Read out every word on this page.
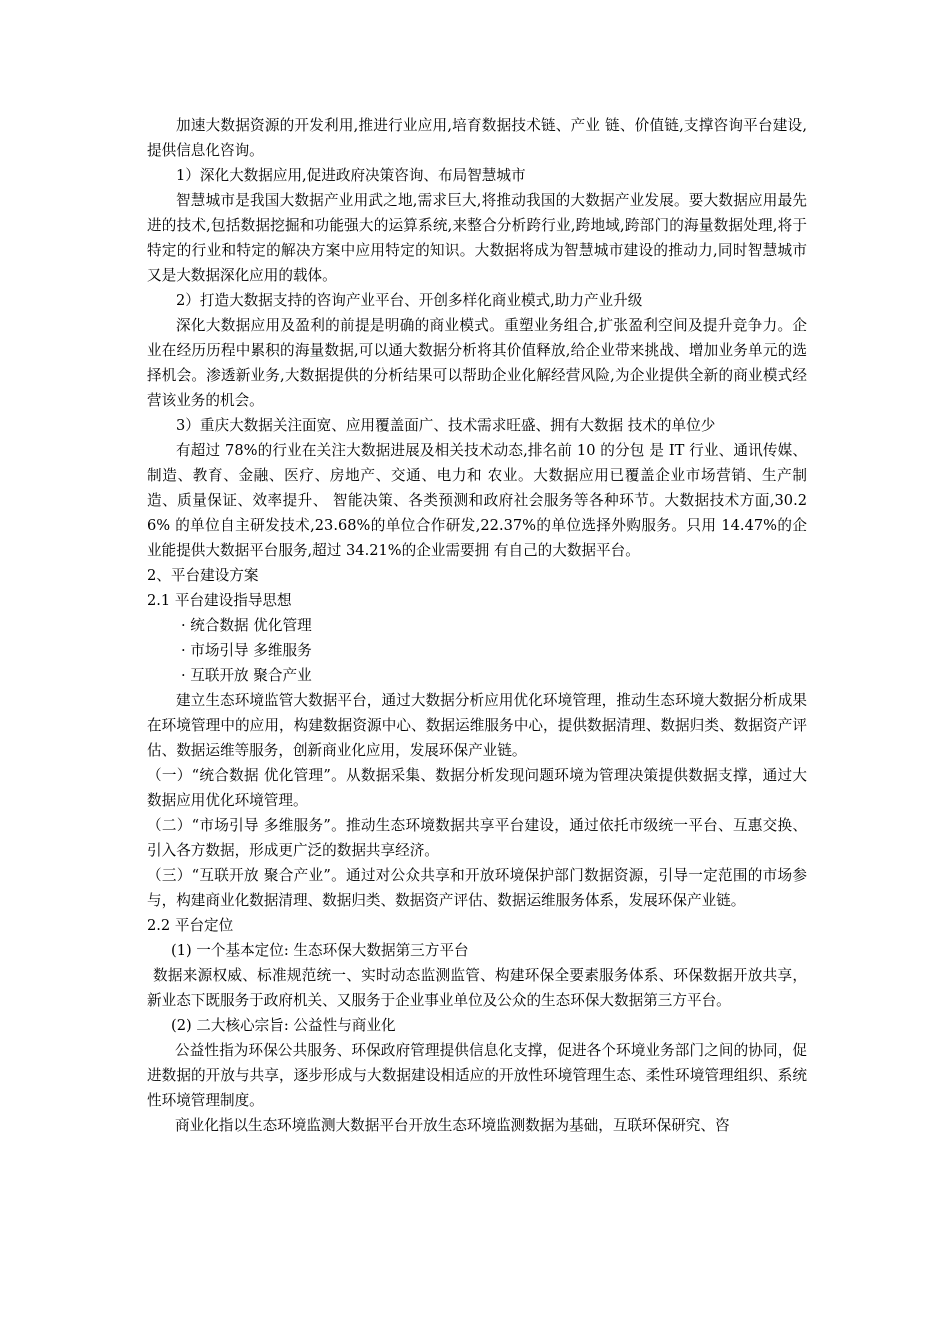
加速大数据资源的开发利用,推进行业应用,培育数据技术链、产业 链、价值链,支撑咨询平台建设,提供信息化咨询。

1）深化大数据应用,促进政府决策咨询、布局智慧城市

智慧城市是我国大数据产业用武之地,需求巨大,将推动我国的大数据产业发展。要大数据应用最先进的技术,包括数据挖掘和功能强大的运算系统,来整合分析跨行业,跨地域,跨部门的海量数据处理,将于特定的行业和特定的解决方案中应用特定的知识。大数据将成为智慧城市建设的推动力,同时智慧城市又是大数据深化应用的载体。

2）打造大数据支持的咨询产业平台、开创多样化商业模式,助力产业升级

深化大数据应用及盈利的前提是明确的商业模式。重塑业务组合,扩张盈利空间及提升竞争力。企业在经历历程中累积的海量数据,可以通大数据分析将其价值释放,给企业带来挑战、增加业务单元的选择机会。渗透新业务,大数据提供的分析结果可以帮助企业化解经营风险,为企业提供全新的商业模式经营该业务的机会。

3）重庆大数据关注面宽、应用覆盖面广、技术需求旺盛、拥有大数据 技术的单位少

有超过 78%的行业在关注大数据进展及相关技术动态,排名前 10 的分包 是 IT 行业、通讯传媒、制造、教育、金融、医疗、房地产、交通、电力和 农业。大数据应用已覆盖企业市场营销、生产制造、质量保证、效率提升、 智能决策、各类预测和政府社会服务等各种环节。大数据技术方面,30.26% 的单位自主研发技术,23.68%的单位合作研发,22.37%的单位选择外购服务。只用 14.47%的企业能提供大数据平台服务,超过 34.21%的企业需要拥 有自己的大数据平台。

2、平台建设方案

2.1 平台建设指导思想

· 统合数据 优化管理

· 市场引导 多维服务

· 互联开放 聚合产业

建立生态环境监管大数据平台，通过大数据分析应用优化环境管理，推动生态环境大数据分析成果在环境管理中的应用，构建数据资源中心、数据运维服务中心，提供数据清理、数据归类、数据资产评估、数据运维等服务，创新商业化应用，发展环保产业链。

（一）“统合数据 优化管理”。从数据采集、数据分析发现问题环境为管理决策提供数据支撑，通过大数据应用优化环境管理。

（二）“市场引导 多维服务”。推动生态环境数据共享平台建设，通过依托市级统一平台、互惠交换、引入各方数据，形成更广泛的数据共享经济。

（三）“互联开放 聚合产业”。通过对公众共享和开放环境保护部门数据资源，引导一定范围的市场参与，构建商业化数据清理、数据归类、数据资产评估、数据运维服务体系，发展环保产业链。

2.2 平台定位

(1) 一个基本定位: 生态环保大数据第三方平台

数据来源权威、标准规范统一、实时动态监测监管、构建环保全要素服务体系、环保数据开放共享，新业态下既服务于政府机关、又服务于企业事业单位及公众的生态环保大数据第三方平台。

(2) 二大核心宗旨: 公益性与商业化

公益性指为环保公共服务、环保政府管理提供信息化支撑，促进各个环境业务部门之间的协同，促进数据的开放与共享，逐步形成与大数据建设相适应的开放性环境管理生态、柔性环境管理组织、系统性环境管理制度。

商业化指以生态环境监测大数据平台开放生态环境监测数据为基础，互联环保研究、咨
